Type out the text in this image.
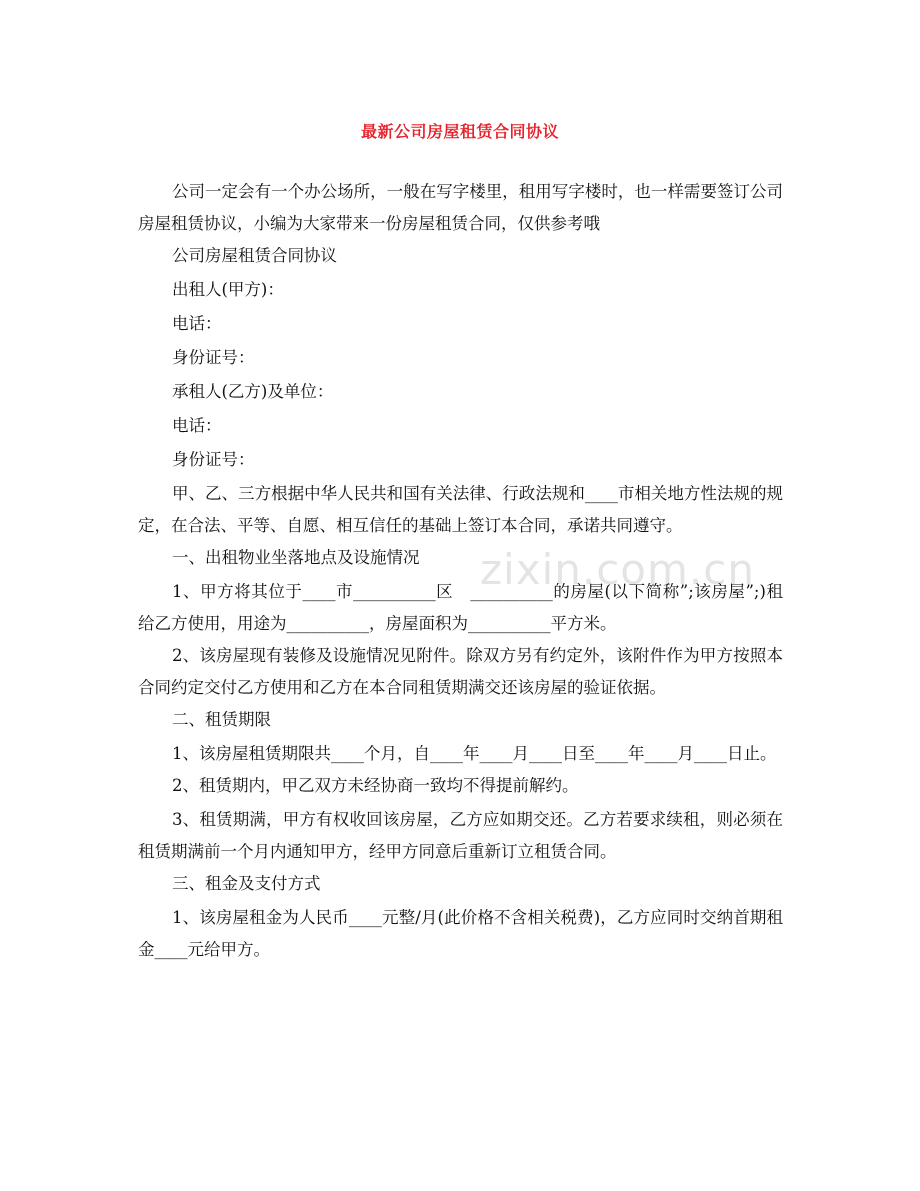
最新公司房屋租赁合同协议
zixin.com.cn

公司一定会有一个办公场所，一般在写字楼里，租用写字楼时，也一样需要签订公司房屋租赁协议，小编为大家带来一份房屋租赁合同，仅供参考哦

公司房屋租赁合同协议

出租人(甲方)：

电话：

身份证号：

承租人(乙方)及单位：

电话：

身份证号：

甲、乙、三方根据中华人民共和国有关法律、行政法规和____市相关地方性法规的规定，在合法、平等、自愿、相互信任的基础上签订本合同，承诺共同遵守。

一、出租物业坐落地点及设施情况

1、甲方将其位于____市__________区　__________的房屋(以下简称”;该房屋”;)租给乙方使用，用途为__________，房屋面积为__________平方米。

2、该房屋现有装修及设施情况见附件。除双方另有约定外，该附件作为甲方按照本合同约定交付乙方使用和乙方在本合同租赁期满交还该房屋的验证依据。

二、租赁期限

1、该房屋租赁期限共____个月，自____年____月____日至____年____月____日止。

2、租赁期内，甲乙双方未经协商一致均不得提前解约。

3、租赁期满，甲方有权收回该房屋，乙方应如期交还。乙方若要求续租，则必须在租赁期满前一个月内通知甲方，经甲方同意后重新订立租赁合同。

三、租金及支付方式

1、该房屋租金为人民币____元整/月(此价格不含相关税费)，乙方应同时交纳首期租金____元给甲方。
